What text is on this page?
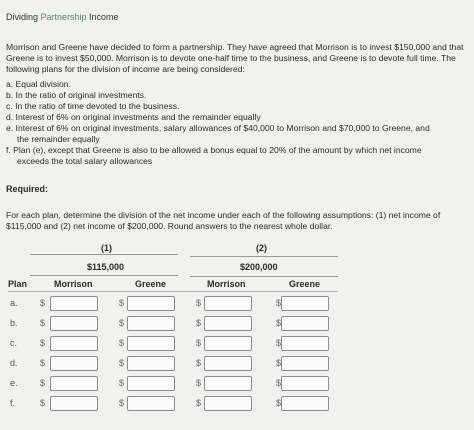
Dividing Partnership Income
Morrison and Greene have decided to form a partnership. They have agreed that Morrison is to invest $150,000 and that Greene is to invest $50,000. Morrison is to devote one-half time to the business, and Greene is to devote full time. The following plans for the division of income are being considered:
a. Equal division.
b. In the ratio of original investments.
c. In the ratio of time devoted to the business.
d. Interest of 6% on original investments and the remainder equally
e. Interest of 6% on original investments, salary allowances of $40,000 to Morrison and $70,000 to Greene, and
the remainder equally
f. Plan (e), except that Greene is also to be allowed a bonus equal to 20% of the amount by which net income
exceeds the total salary allowances
Required:
For each plan, determine the division of the net income under each of the following assumptions: (1) net income of $115,000 and (2) net income of $200,000. Round answers to the nearest whole dollar.
(1)
$115,000
(2)
$200,000
Plan	Morrison	Greene	Morrison	Greene
a. $	$	$	$
b. $	$	$	$
c.	$	$	$	$
d. $	$	$	$
e. $	$	$	$
f.	$	$	$	$
